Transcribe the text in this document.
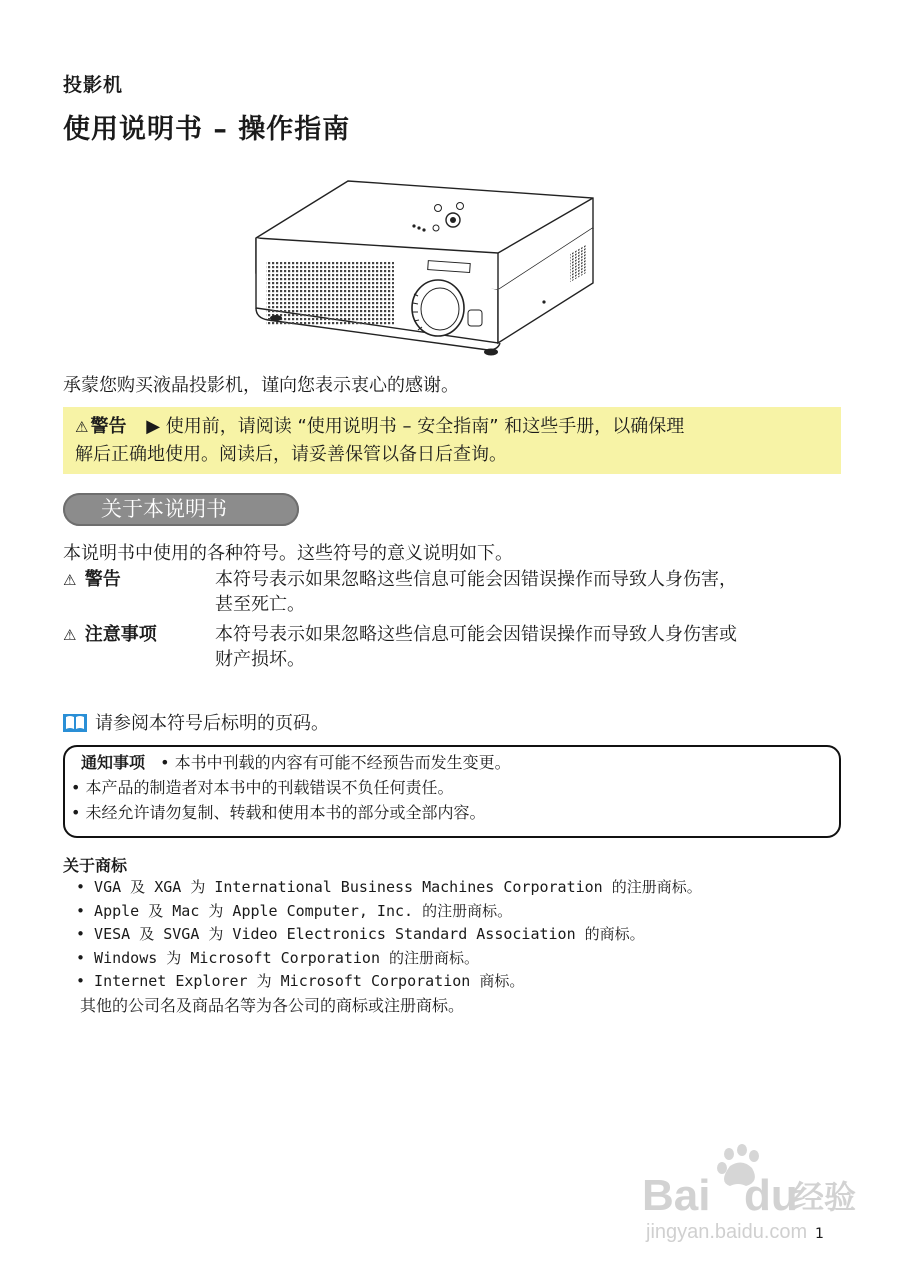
投影机
使用说明书 – 操作指南
承蒙您购买液晶投影机，谨向您表示衷心的感谢。
⚠ 警告 ▶ 使用前，请阅读 “使用说明书 – 安全指南” 和这些手册，以确保理
解后正确地使用。阅读后，请妥善保管以备日后查询。
关于本说明书
本说明书中使用的各种符号。这些符号的意义说明如下。
⚠ 警告	本符号表示如果忽略这些信息可能会因错误操作而导致人身伤害，
甚至死亡。
⚠ 注意事项	本符号表示如果忽略这些信息可能会因错误操作而导致人身伤害或
财产损坏。
请参阅本符号后标明的页码。
通知事项 • 本书中刊载的内容有可能不经预告而发生变更。
• 本产品的制造者对本书中的刊载错误不负任何责任。
• 未经允许请勿复制、转载和使用本书的部分或全部内容。
关于商标
• VGA 及 XGA 为 International Business Machines Corporation 的注册商标。
• Apple 及 Mac 为 Apple Computer, Inc. 的注册商标。
• VESA 及 SVGA 为 Video Electronics Standard Association 的商标。
• Windows 为 Microsoft Corporation 的注册商标。
• Internet Explorer 为 Microsoft Corporation 商标。
其他的公司名及商品名等为各公司的商标或注册商标。
Bai du
经验
jingyan.baidu.com 1
